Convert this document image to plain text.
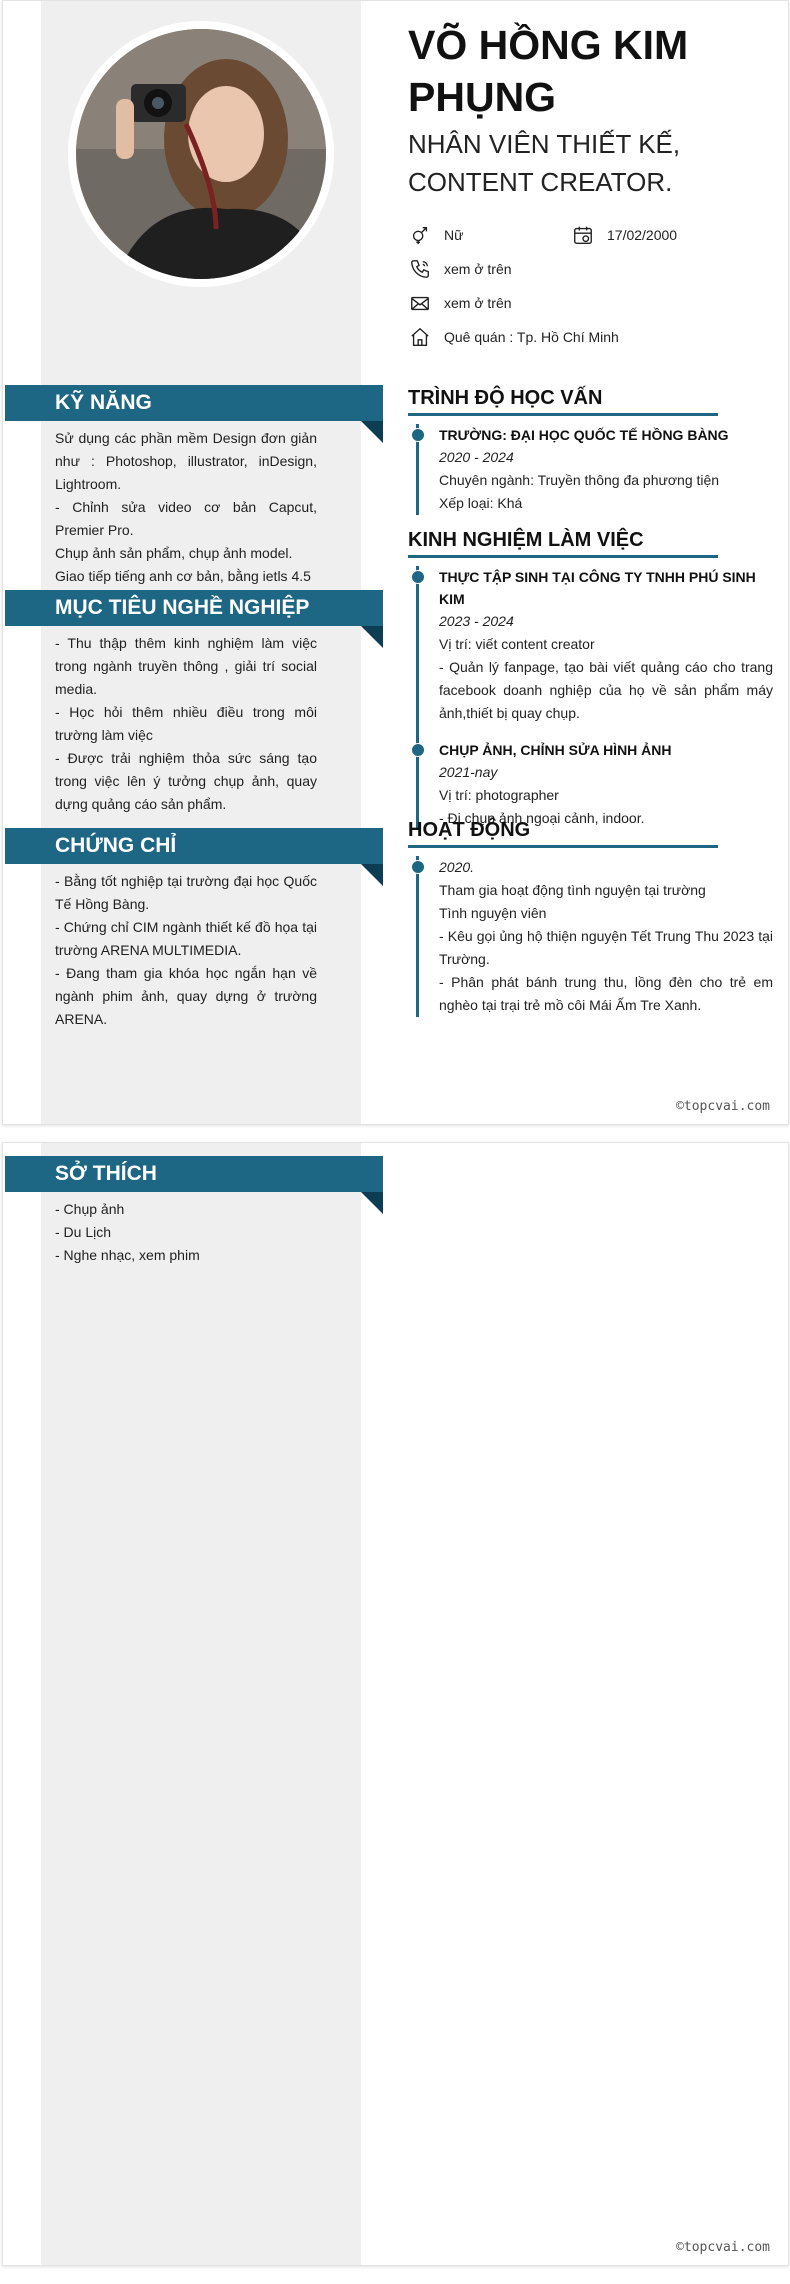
VÕ HỒNG KIM PHỤNG
NHÂN VIÊN THIẾT KẾ, CONTENT CREATOR.
Nữ	17/02/2000
xem ở trên
xem ở trên
Quê quán : Tp. Hồ Chí Minh
KỸ NĂNG
Sử dụng các phần mềm Design đơn giản như : Photoshop, illustrator, inDesign, Lightroom.
- Chỉnh sửa video cơ bản Capcut, Premier Pro.
Chụp ảnh sản phẩm, chụp ảnh model.
Giao tiếp tiếng anh cơ bản, bằng ietls 4.5
MỤC TIÊU NGHỀ NGHIỆP
- Thu thập thêm kinh nghiệm làm việc trong ngành truyền thông , giải trí social media.
- Học hỏi thêm nhiều điều trong môi trường làm việc
- Được trải nghiệm thỏa sức sáng tạo trong việc lên ý tưởng chụp ảnh, quay dựng quảng cáo sản phẩm.
CHỨNG CHỈ
- Bằng tốt nghiệp tại trường đại học Quốc Tế Hồng Bàng.
- Chứng chỉ CIM ngành thiết kế đồ họa tại trường ARENA MULTIMEDIA.
- Đang tham gia khóa học ngắn hạn về ngành phim ảnh, quay dựng ở trường ARENA.
TRÌNH ĐỘ HỌC VẤN
TRƯỜNG: ĐẠI HỌC QUỐC TẾ HỒNG BÀNG
2020 - 2024
Chuyên ngành: Truyền thông đa phương tiện
Xếp loại: Khá
KINH NGHIỆM LÀM VIỆC
THỰC TẬP SINH TẠI CÔNG TY TNHH PHÚ SINH KIM
2023 - 2024
Vị trí: viết content creator
- Quản lý fanpage, tạo bài viết quảng cáo cho trang facebook doanh nghiệp của họ về sản phẩm máy ảnh,thiết bị quay chụp.
CHỤP ẢNH, CHỈNH SỬA HÌNH ẢNH
2021-nay
Vị trí: photographer
- Đi chụp ảnh ngoại cảnh, indoor.
HOẠT ĐỘNG
2020.
Tham gia hoạt động tình nguyện tại trường
Tình nguyện viên
- Kêu gọi ủng hộ thiện nguyện Tết Trung Thu 2023 tại Trường.
- Phân phát bánh trung thu, lồng đèn cho trẻ em nghèo tại trại trẻ mồ côi Mái Ấm Tre Xanh.
©topcvai.com
SỞ THÍCH
- Chụp ảnh
- Du Lịch
- Nghe nhạc, xem phim
©topcvai.com
